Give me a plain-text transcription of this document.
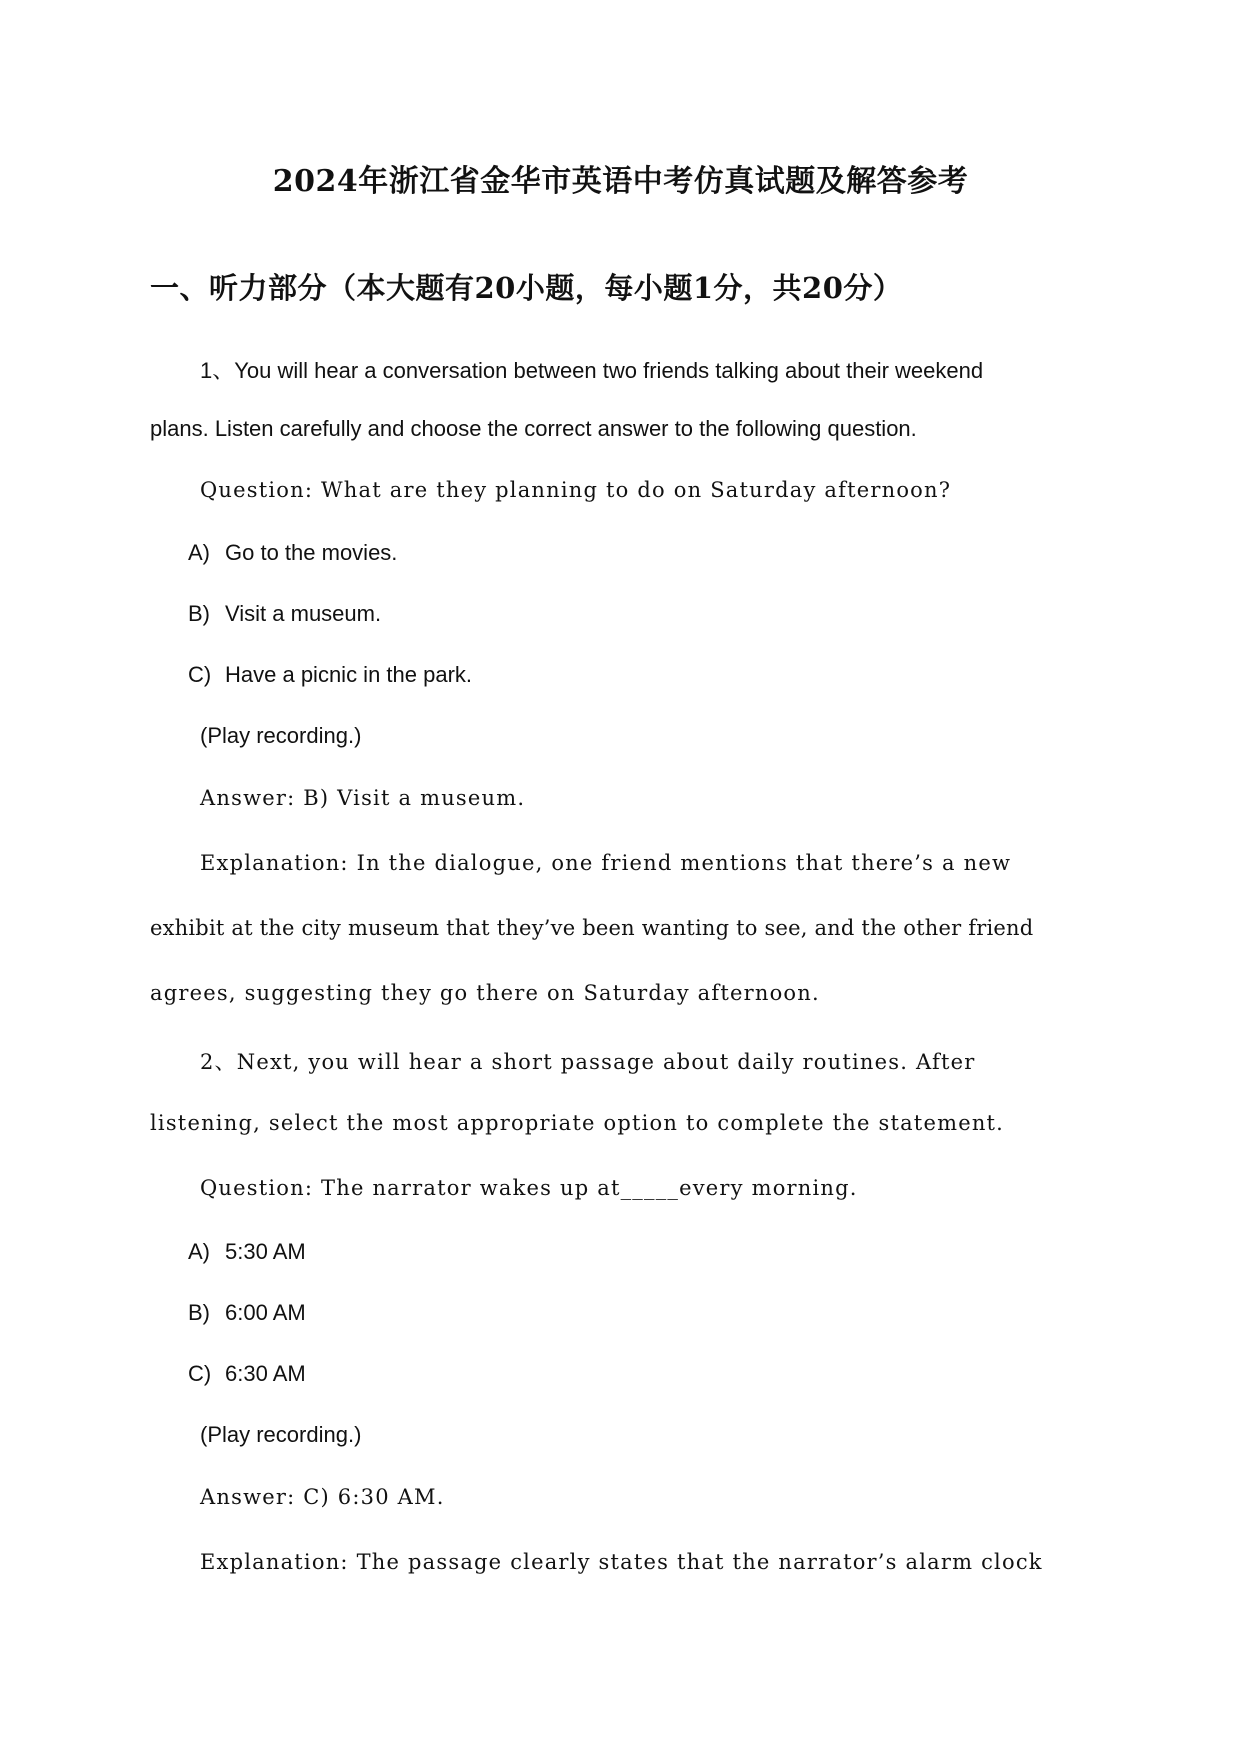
2024年浙江省金华市英语中考仿真试题及解答参考
一、听力部分（本大题有20小题，每小题1分，共20分）
1、You will hear a conversation between two friends talking about their weekend
plans. Listen carefully and choose the correct answer to the following question.
Question: What are they planning to do on Saturday afternoon?
A) Go to the movies.
B) Visit a museum.
C) Have a picnic in the park.
(Play recording.)
Answer: B) Visit a museum.
Explanation: In the dialogue, one friend mentions that there’s a new
exhibit at the city museum that they’ve been wanting to see, and the other friend
agrees, suggesting they go there on Saturday afternoon.
2、Next, you will hear a short passage about daily routines. After
listening, select the most appropriate option to complete the statement.
Question: The narrator wakes up at_____every morning.
A) 5:30 AM
B) 6:00 AM
C) 6:30 AM
(Play recording.)
Answer: C) 6:30 AM.
Explanation: The passage clearly states that the narrator’s alarm clock
